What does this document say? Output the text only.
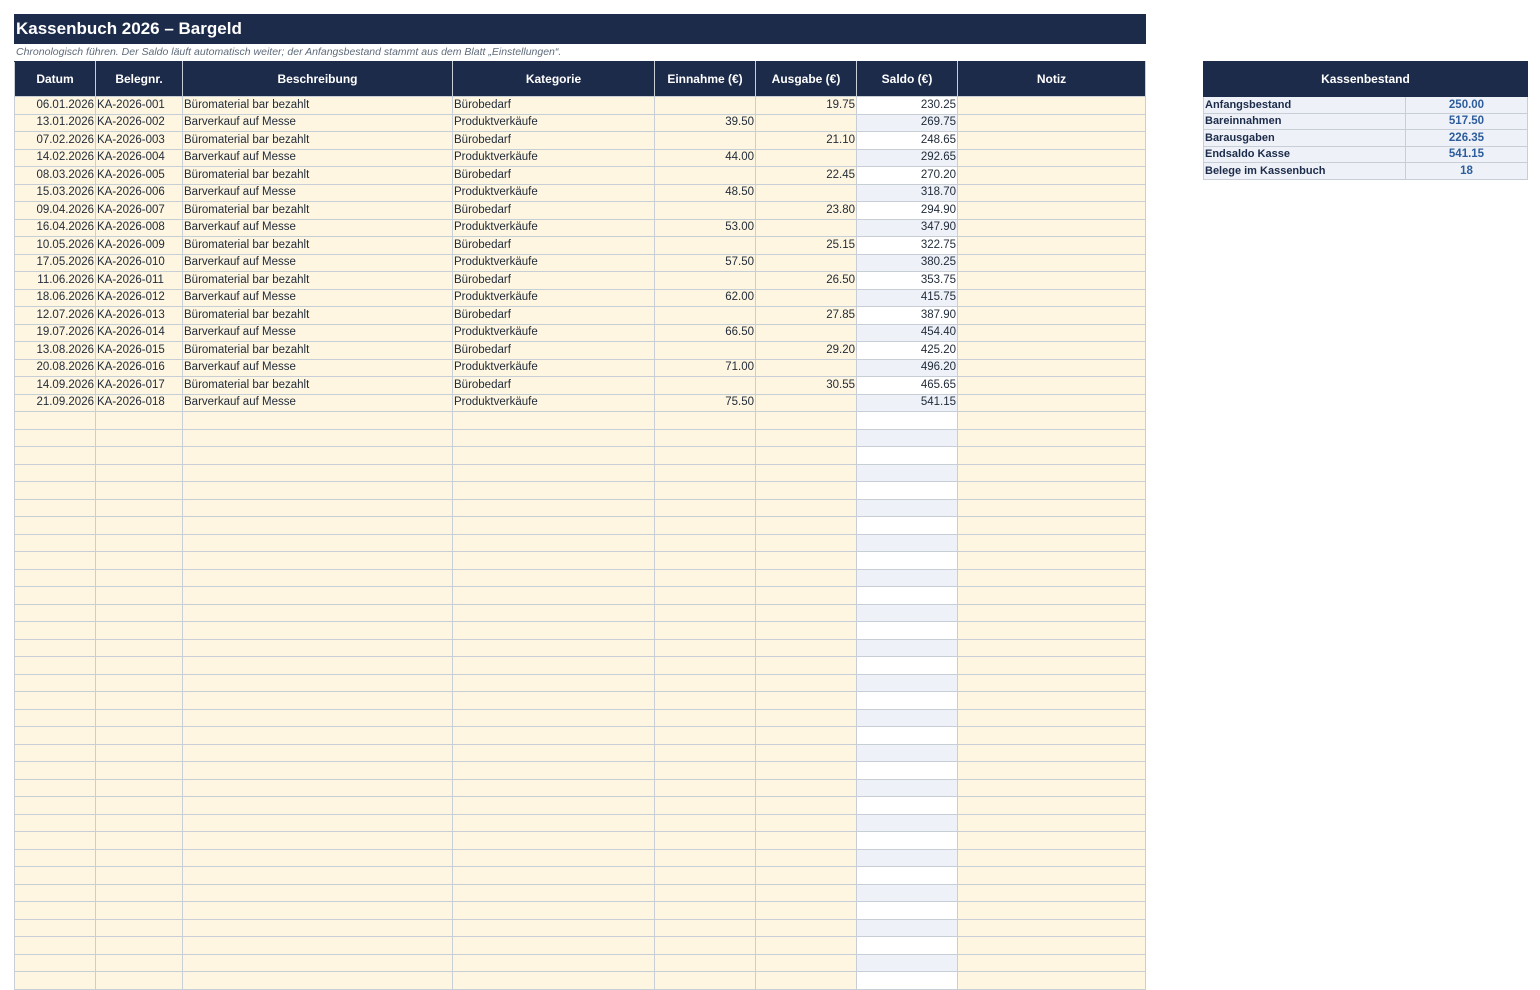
Kassenbuch 2026 – Bargeld
Chronologisch führen. Der Saldo läuft automatisch weiter; der Anfangsbestand stammt aus dem Blatt „Einstellungen“.
Datum	Belegnr.	Beschreibung	Kategorie	Einnahme (€)	Ausgabe (€)	Saldo (€)	Notiz
06.01.2026	KA-2026-001	Büromaterial bar bezahlt	Bürobedarf		19.75	230.25	
13.01.2026	KA-2026-002	Barverkauf auf Messe	Produktverkäufe	39.50		269.75	
07.02.2026	KA-2026-003	Büromaterial bar bezahlt	Bürobedarf		21.10	248.65	
14.02.2026	KA-2026-004	Barverkauf auf Messe	Produktverkäufe	44.00		292.65	
08.03.2026	KA-2026-005	Büromaterial bar bezahlt	Bürobedarf		22.45	270.20	
15.03.2026	KA-2026-006	Barverkauf auf Messe	Produktverkäufe	48.50		318.70	
09.04.2026	KA-2026-007	Büromaterial bar bezahlt	Bürobedarf		23.80	294.90	
16.04.2026	KA-2026-008	Barverkauf auf Messe	Produktverkäufe	53.00		347.90	
10.05.2026	KA-2026-009	Büromaterial bar bezahlt	Bürobedarf		25.15	322.75	
17.05.2026	KA-2026-010	Barverkauf auf Messe	Produktverkäufe	57.50		380.25	
11.06.2026	KA-2026-011	Büromaterial bar bezahlt	Bürobedarf		26.50	353.75	
18.06.2026	KA-2026-012	Barverkauf auf Messe	Produktverkäufe	62.00		415.75	
12.07.2026	KA-2026-013	Büromaterial bar bezahlt	Bürobedarf		27.85	387.90	
19.07.2026	KA-2026-014	Barverkauf auf Messe	Produktverkäufe	66.50		454.40	
13.08.2026	KA-2026-015	Büromaterial bar bezahlt	Bürobedarf		29.20	425.20	
20.08.2026	KA-2026-016	Barverkauf auf Messe	Produktverkäufe	71.00		496.20	
14.09.2026	KA-2026-017	Büromaterial bar bezahlt	Bürobedarf		30.55	465.65	
21.09.2026	KA-2026-018	Barverkauf auf Messe	Produktverkäufe	75.50		541.15	

Kassenbestand	
Anfangsbestand	250.00
Bareinnahmen	517.50
Barausgaben	226.35
Endsaldo Kasse	541.15
Belege im Kassenbuch	18
